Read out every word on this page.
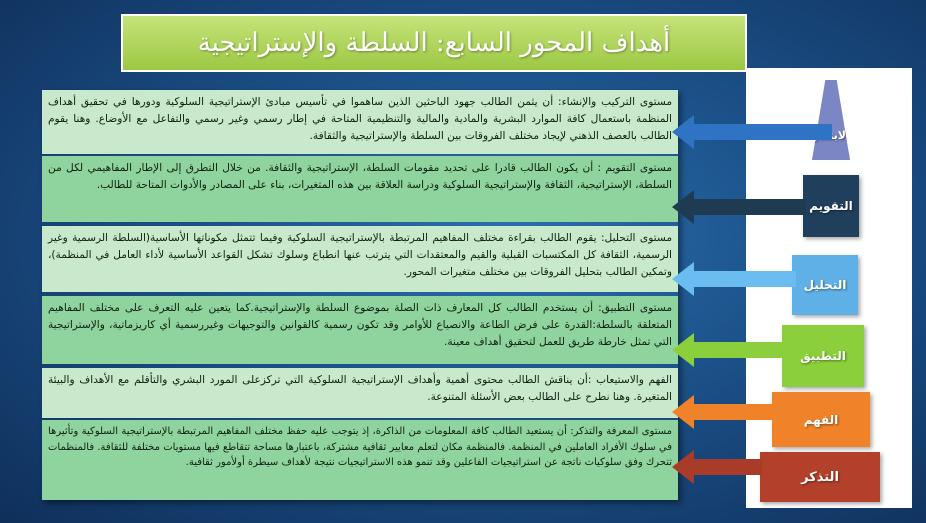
أهداف المحور السابع: السلطة والإستراتيجية
التقويم
التحليل
التطبيق
الفهم
التذكر
مستوى التركيب والإنشاء: أن يثمن الطالب جهود الباحثين الذين ساهموا في تأسيس مبادئ الإستراتيجية السلوكية ودورها في تحقيق أهداف المنظمة باستعمال كافة الموارد البشرية والمادية والمالية والتنظيمية المتاحة في إطار رسمي وغير رسمي والتفاعل مع الأوضاع. وهنا يقوم الطالب بالعصف الذهني لإيجاد مختلف الفروقات بين السلطة والإستراتيجية والثقافة.
مستوى التقويم : أن يكون الطالب قادرا على تحديد مقومات السلطة، الإستراتيجية والثقافة. من خلال التطرق إلى الإطار المفاهيمي لكل من السلطة، الإستراتيجية، الثقافة والإستراتيجية السلوكية ودراسة العلاقة بين هذه المتغيرات، بناء على المصادر والأدوات المتاحة للطالب.
مستوى التحليل: يقوم الطالب بقراءة مختلف المفاهيم المرتبطة بالإستراتيجية السلوكية وفيما تتمثل مكوناتها الأساسية(السلطة الرسمية وغير الرسمية، الثقافة كل المكتسبات القبلية والقيم والمعتقدات التي يترتب عنها انطباع وسلوك تشكل القواعد الأساسية لأداء العامل في المنظمة)، وتمكين الطالب بتحليل الفروقات بين مختلف متغيرات المحور.
مستوى التطبيق: أن يستخدم الطالب كل المعارف ذات الصلة بموضوع السلطة والإستراتيجية.كما يتعين عليه التعرف على مختلف المفاهيم المتعلقة بالسلطة:القدرة على فرض الطاعة والانصياع للأوامر وقد تكون رسمية كالقوانين والتوجيهات وغيررسمية أي كاريزماتية، والإستراتيجية التي تمثل خارطة طريق للعمل لتحقيق أهداف معينة.
الفهم والاستيعاب :أن يناقش الطالب محتوى أهمية وأهداف الإستراتيجية السلوكية التي تركزعلى المورد البشري والتأقلم مع الأهداف والبيئة المتغيرة. وهنا نطرح على الطالب بعض الأسئلة المتنوعة.
مستوى المعرفة والتذكر: أن يستعيد الطالب كافة المعلومات من الذاكرة، إذ يتوجب عليه حفظ مختلف المفاهيم المرتبطة بالإستراتيجية السلوكية وتأثيرها في سلوك الأفراد العاملين في المنظمة. فالمنظمة مكان لتعلم معايير ثقافية مشتركة، باعتبارها مساحة تتقاطع فيها مستويات مختلفة للثقافة. فالمنظمات تتحرك وفق سلوكيات ناتجة عن استراتيجيات الفاعلين وقد تنمو هذه الاستراتيجيات نتيجة لأهداف سيطرة أولأمور ثقافية.
